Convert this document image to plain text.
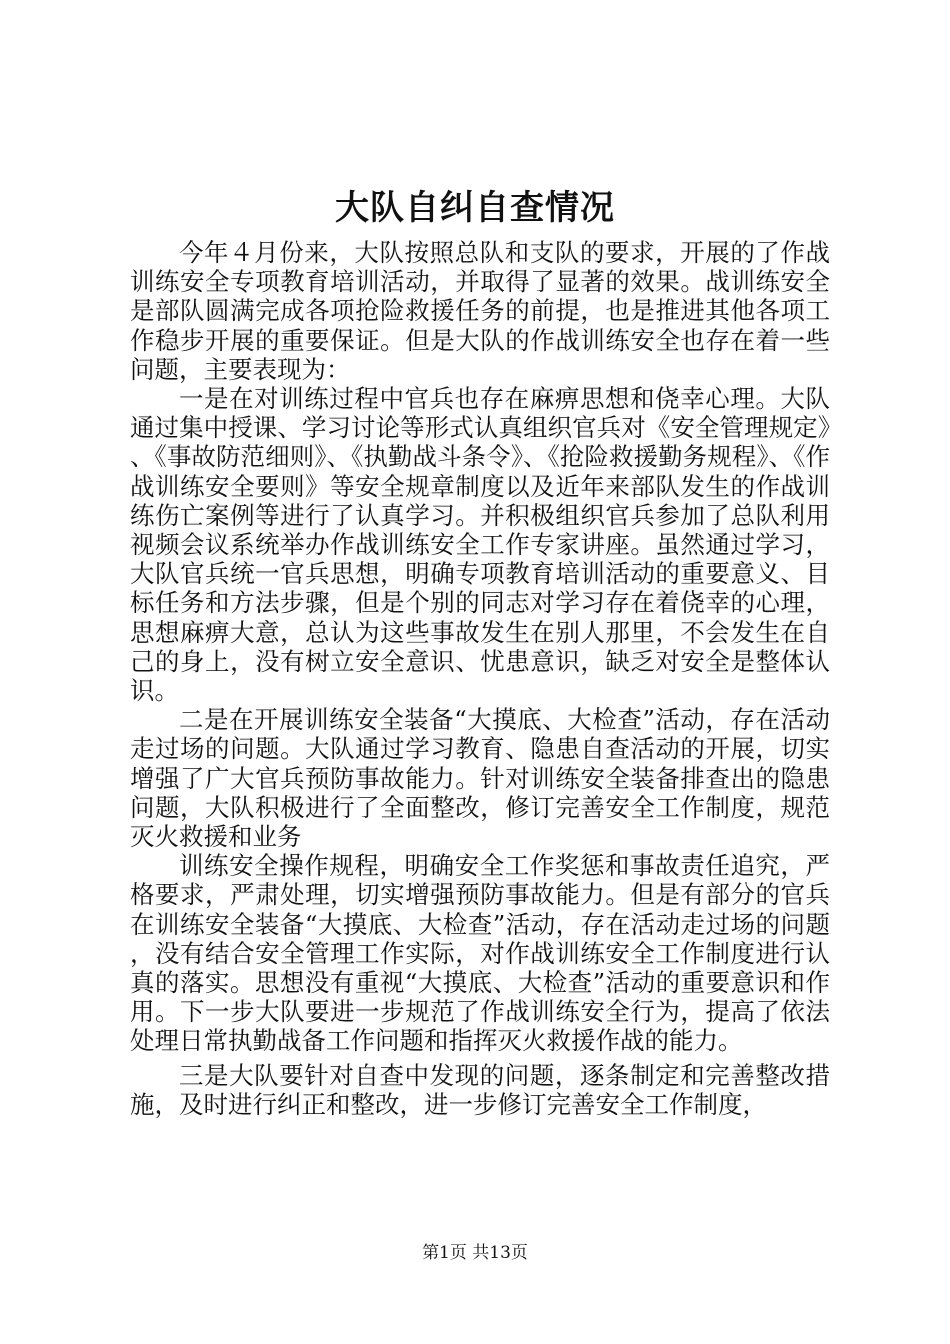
大队自纠自查情况

今年４月份来，大队按照总队和支队的要求，开展的了作战训练安全专项教育培训活动，并取得了显著的效果。战训练安全是部队圆满完成各项抢险救援任务的前提，也是推进其他各项工作稳步开展的重要保证。但是大队的作战训练安全也存在着一些问题，主要表现为：

一是在对训练过程中官兵也存在麻痹思想和侥幸心理。大队通过集中授课、学习讨论等形式认真组织官兵对《安全管理规定》、《事故防范细则》、《执勤战斗条令》、《抢险救援勤务规程》、《作战训练安全要则》等安全规章制度以及近年来部队发生的作战训练伤亡案例等进行了认真学习。并积极组织官兵参加了总队利用视频会议系统举办作战训练安全工作专家讲座。虽然通过学习，大队官兵统一官兵思想，明确专项教育培训活动的重要意义、目标任务和方法步骤，但是个别的同志对学习存在着侥幸的心理，思想麻痹大意，总认为这些事故发生在别人那里，不会发生在自己的身上，没有树立安全意识、忧患意识，缺乏对安全是整体认识。

二是在开展训练安全装备“大摸底、大检查”活动，存在活动走过场的问题。大队通过学习教育、隐患自查活动的开展，切实增强了广大官兵预防事故能力。针对训练安全装备排查出的隐患问题，大队积极进行了全面整改，修订完善安全工作制度，规范灭火救援和业务

训练安全操作规程，明确安全工作奖惩和事故责任追究，严格要求，严肃处理，切实增强预防事故能力。但是有部分的官兵在训练安全装备“大摸底、大检查”活动，存在活动走过场的问题，没有结合安全管理工作实际，对作战训练安全工作制度进行认真的落实。思想没有重视“大摸底、大检查”活动的重要意识和作用。下一步大队要进一步规范了作战训练安全行为，提高了依法处理日常执勤战备工作问题和指挥灭火救援作战的能力。

三是大队要针对自查中发现的问题，逐条制定和完善整改措施，及时进行纠正和整改，进一步修订完善安全工作制度，

第1页 共13页
